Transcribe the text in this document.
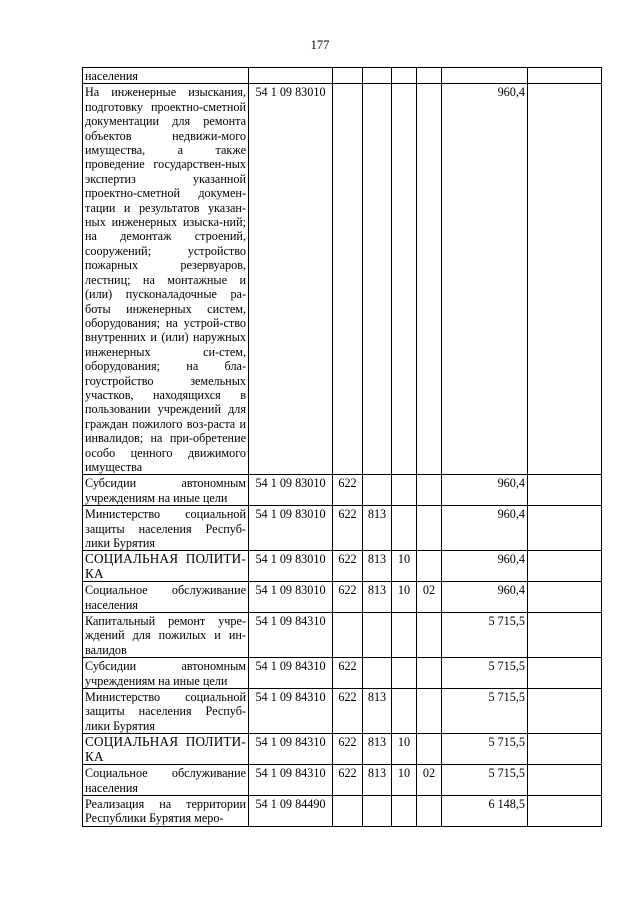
177
населения							
На инженерные изыскания, подготовку проектно-сметной документации для ремонта объектов недвижи-мого имущества, а также проведение государствен-ных экспертиз указанной проектно-сметной докумен-тации и результатов указан-ных инженерных изыска-ний; на демонтаж строений, сооружений; устройство пожарных резервуаров, лестниц; на монтажные и (или) пусконаладочные ра-боты инженерных систем, оборудования; на устрой-ство внутренних и (или) наружных инженерных си-стем, оборудования; на бла-гоустройство земельных участков, находящихся в пользовании учреждений для граждан пожилого воз-раста и инвалидов; на при-обретение особо ценного движимого имущества	54 1 09 83010					960,4	
Субсидии автономным учреждениям на иные цели	54 1 09 83010	622				960,4	
Министерство социальной защиты населения Респуб-лики Бурятия	54 1 09 83010	622	813			960,4	
СОЦИАЛЬНАЯ ПОЛИТИ-КА	54 1 09 83010	622	813	10		960,4	
Социальное обслуживание населения	54 1 09 83010	622	813	10	02	960,4	
Капитальный ремонт учре-ждений для пожилых и ин-валидов	54 1 09 84310					5 715,5	
Субсидии автономным учреждениям на иные цели	54 1 09 84310	622				5 715,5	
Министерство социальной защиты населения Респуб-лики Бурятия	54 1 09 84310	622	813			5 715,5	
СОЦИАЛЬНАЯ ПОЛИТИ-КА	54 1 09 84310	622	813	10		5 715,5	
Социальное обслуживание населения	54 1 09 84310	622	813	10	02	5 715,5	
Реализация на территории Республики Бурятия меро-	54 1 09 84490					6 148,5	
